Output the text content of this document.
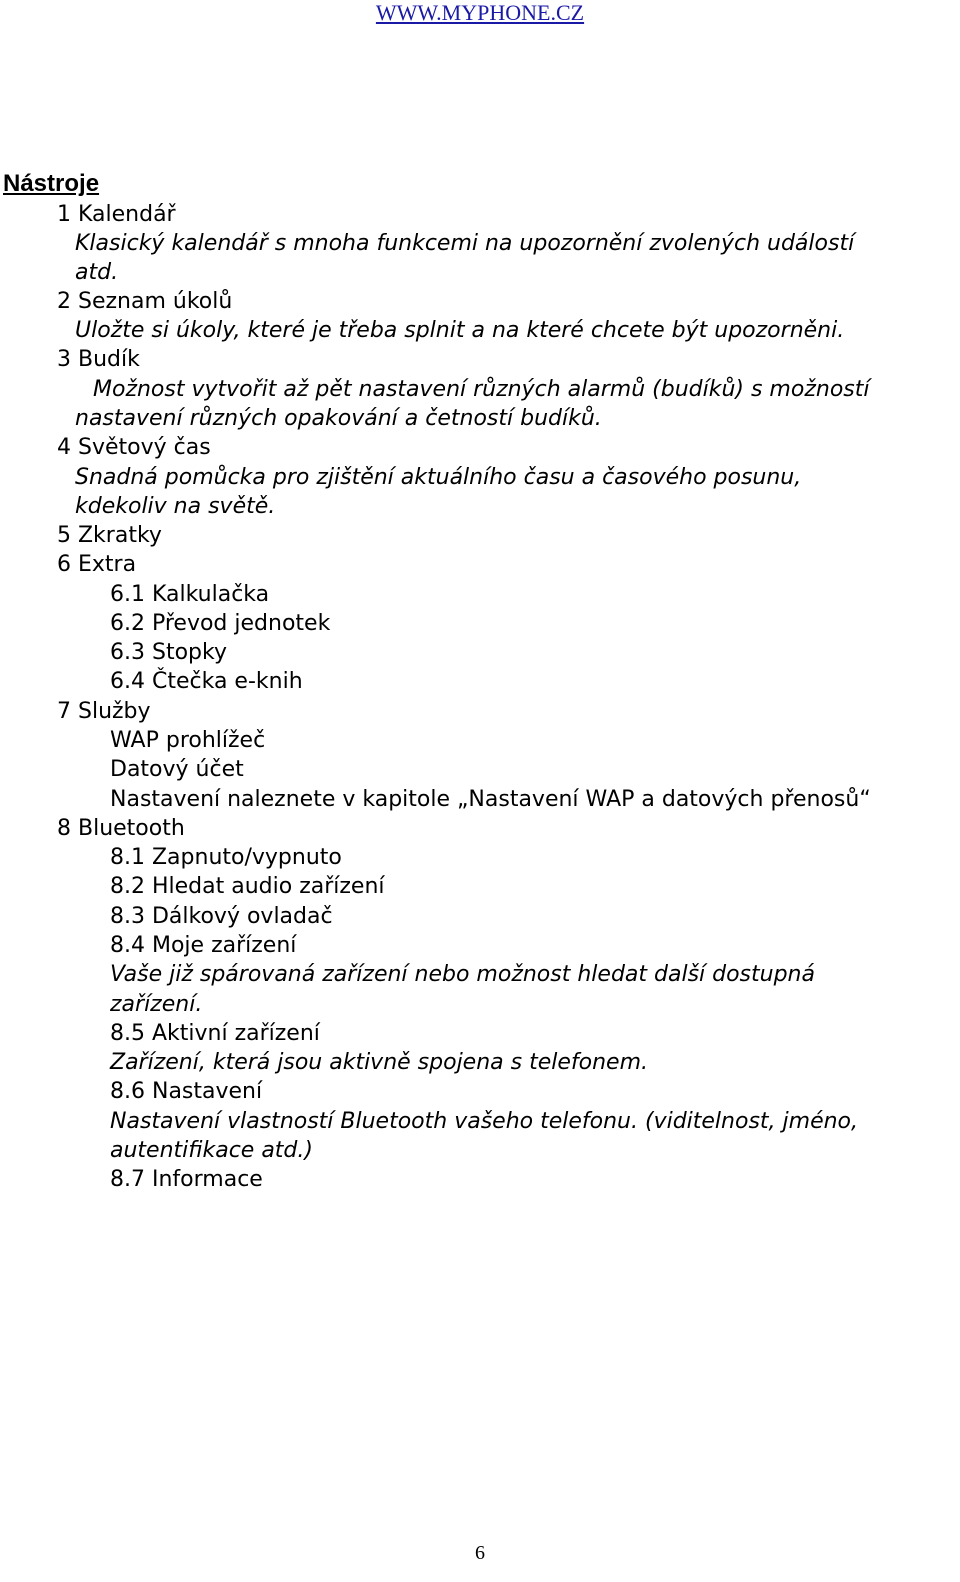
WWW.MYPHONE.CZ
Nástroje
1 Kalendář
Klasický kalendář s mnoha funkcemi na upozornění zvolených událostí
atd.
2 Seznam úkolů
Uložte si úkoly, které je třeba splnit a na které chcete být upozorněni.
3 Budík
Možnost vytvořit až pět nastavení různých alarmů (budíků) s možností
nastavení různých opakování a četností budíků.
4 Světový čas
Snadná pomůcka pro zjištění aktuálního času a časového posunu,
kdekoliv na světě.
5 Zkratky
6 Extra
6.1 Kalkulačka
6.2 Převod jednotek
6.3 Stopky
6.4 Čtečka e-knih
7 Služby
WAP prohlížeč
Datový účet
Nastavení naleznete v kapitole „Nastavení WAP a datových přenosů“
8 Bluetooth
8.1 Zapnuto/vypnuto
8.2 Hledat audio zařízení
8.3 Dálkový ovladač
8.4 Moje zařízení
Vaše již spárovaná zařízení nebo možnost hledat další dostupná
zařízení.
8.5 Aktivní zařízení
Zařízení, která jsou aktivně spojena s telefonem.
8.6 Nastavení
Nastavení vlastností Bluetooth vašeho telefonu. (viditelnost, jméno,
autentifikace atd.)
8.7 Informace
6
